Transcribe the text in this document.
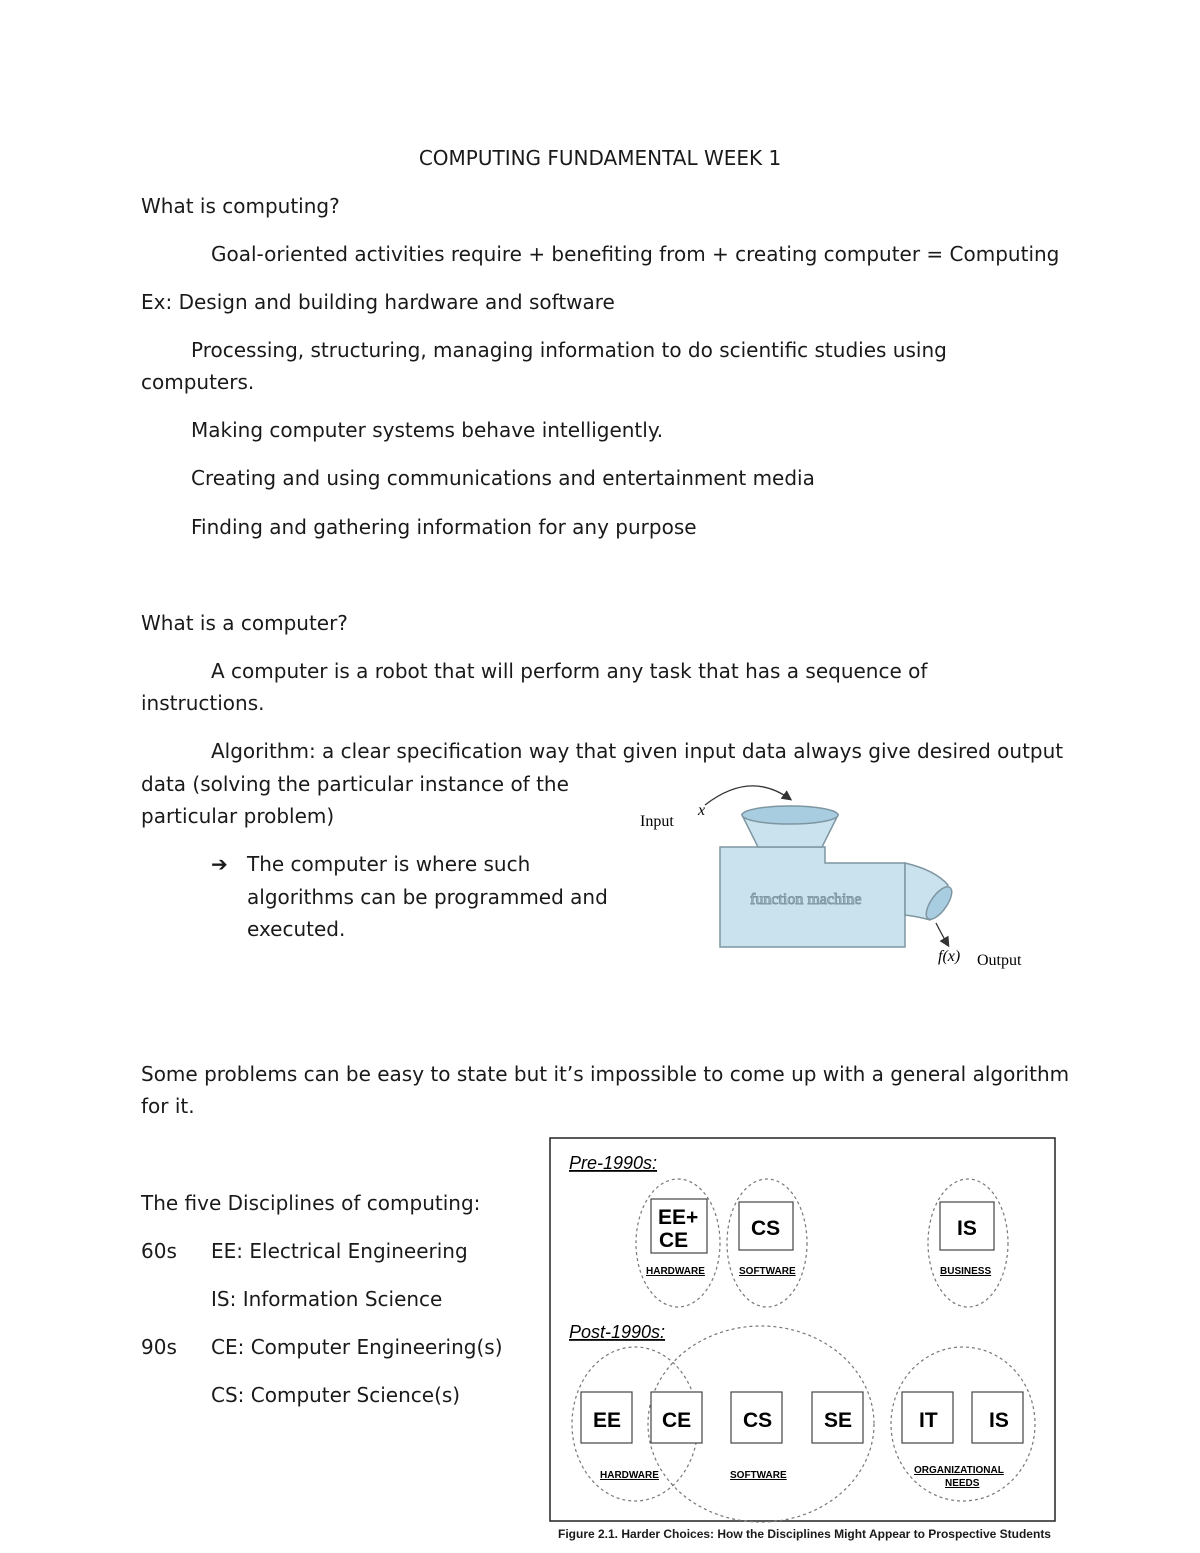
COMPUTING FUNDAMENTAL WEEK 1

What is computing?

Goal-oriented activities require + benefiting from + creating computer = Computing

Ex: Design and building hardware and software

Processing, structuring, managing information to do scientific studies using

computers.

Making computer systems behave intelligently.

Creating and using communications and entertainment media

Finding and gathering information for any purpose

What is a computer?

A computer is a robot that will perform any task that has a sequence of

instructions.

Algorithm: a clear specification way that given input data always give desired output

data (solving the particular instance of the

particular problem)

➔ The computer is where such

algorithms can be programmed and

executed.

Some problems can be easy to state but it’s impossible to come up with a general algorithm

for it.

The five Disciplines of computing:

60s EE: Electrical Engineering

IS: Information Science

90s CE: Computer Engineering(s)

CS: Computer Science(s)

Input
x
function machine
f(x) Output
Pre-1990s:
EE+
CE
CS	IS
HARDWARE	SOFTWARE	BUSINESS
Post-1990s:
EE CE CS SE	IT IS
HARDWARE	SOFTWARE	ORGANIZATIONAL
NEEDS
Figure 2.1. Harder Choices: How the Disciplines Might Appear to Prospective Students
